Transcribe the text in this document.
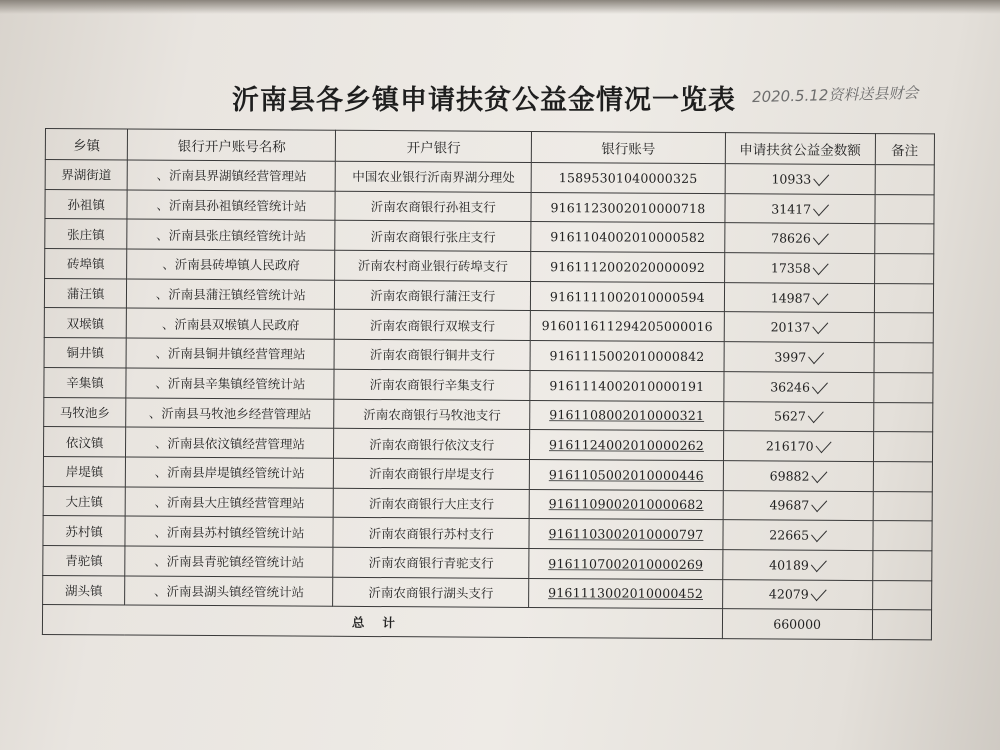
沂南县各乡镇申请扶贫公益金情况一览表 2020.5.12资料送县财会
乡镇	银行开户账号名称	开户银行	银行账号	申请扶贫公益金数额	备注
界湖街道	、沂南县界湖镇经营管理站	中国农业银行沂南界湖分理处	15895301040000325	10933	
孙祖镇	、沂南县孙祖镇经管统计站	沂南农商银行孙祖支行	9161123002010000718	31417	
张庄镇	、沂南县张庄镇经管统计站	沂南农商银行张庄支行	9161104002010000582	78626	
砖埠镇	、沂南县砖埠镇人民政府	沂南农村商业银行砖埠支行	9161112002020000092	17358	
蒲汪镇	、沂南县蒲汪镇经管统计站	沂南农商银行蒲汪支行	9161111002010000594	14987	
双堠镇	、沂南县双堠镇人民政府	沂南农商银行双堠支行	916011611294205000016	20137	
铜井镇	、沂南县铜井镇经营管理站	沂南农商银行铜井支行	9161115002010000842	3997	
辛集镇	、沂南县辛集镇经管统计站	沂南农商银行辛集支行	9161114002010000191	36246	
马牧池乡	、沂南县马牧池乡经营管理站	沂南农商银行马牧池支行	9161108002010000321	5627	
依汶镇	、沂南县依汶镇经营管理站	沂南农商银行依汶支行	9161124002010000262	216170	
岸堤镇	、沂南县岸堤镇经管统计站	沂南农商银行岸堤支行	9161105002010000446	69882	
大庄镇	、沂南县大庄镇经营管理站	沂南农商银行大庄支行	9161109002010000682	49687	
苏村镇	、沂南县苏村镇经管统计站	沂南农商银行苏村支行	9161103002010000797	22665	
青驼镇	、沂南县青驼镇经管统计站	沂南农商银行青驼支行	9161107002010000269	40189	
湖头镇	、沂南县湖头镇经管统计站	沂南农商银行湖头支行	9161113002010000452	42079	
总计				660000	
